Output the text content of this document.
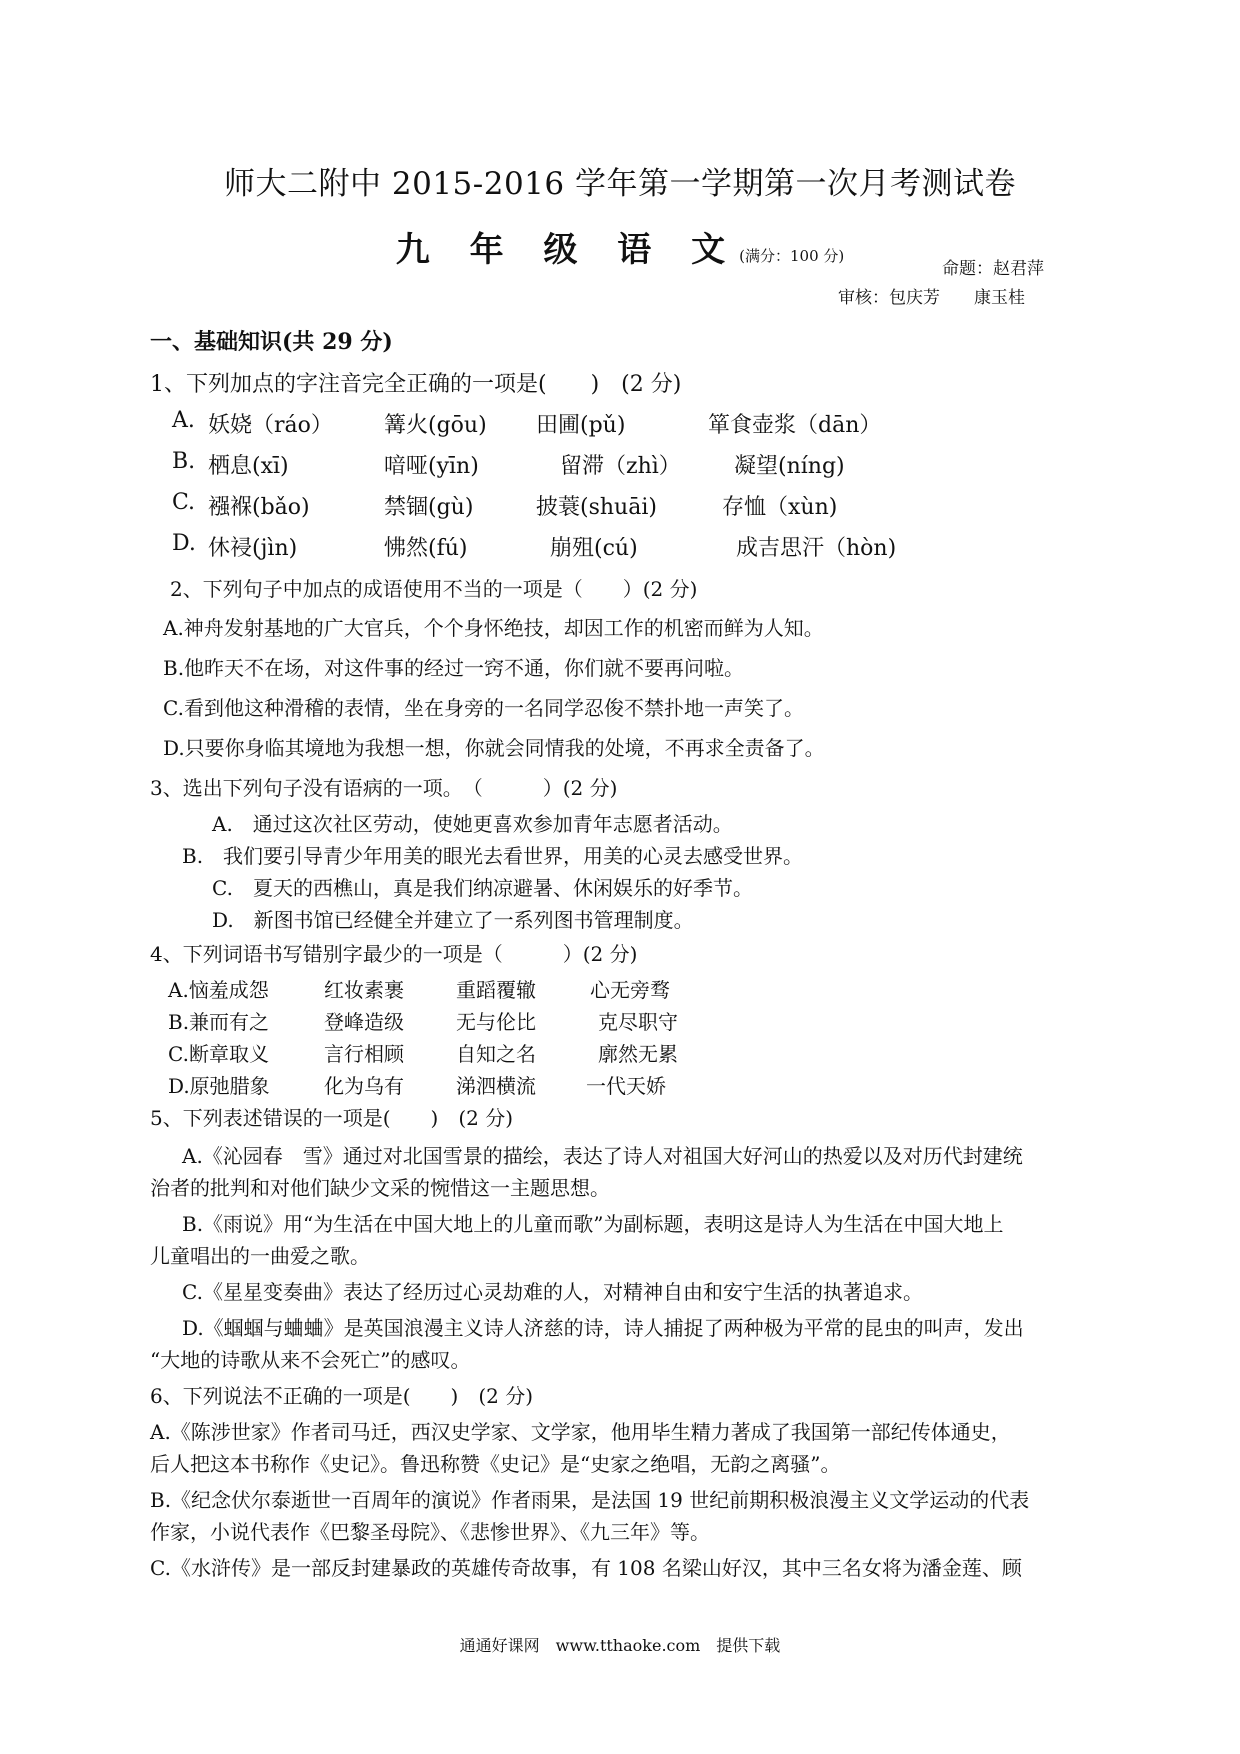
师大二附中 2015-2016 学年第一学期第一次月考测试卷
九 年 级 语 文(满分：100 分)
命题：赵君萍
审核：包庆芳　　康玉桂
一、基础知识(共 29 分)
1、下列加点的字注音完全正确的一项是(　　)　(2 分)
A. 妖娆（ráo） 篝火(gōu) 田圃(pǔ)	箪食壶浆（dān）
B. 栖息(xī)	喑哑(yīn)	留滞（zhì） 凝望(níng)
C. 襁褓(bǎo)	禁锢(gù)	披蓑(shuāi)	存恤（xùn)
D. 休祲(jìn)	怫然(fú)	崩殂(cú)	成吉思汗（hòn)
2、下列句子中加点的成语使用不当的一项是（　　）(2 分)
A.神舟发射基地的广大官兵，个个身怀绝技，却因工作的机密而鲜为人知。
B.他昨天不在场，对这件事的经过一窍不通，你们就不要再问啦。
C.看到他这种滑稽的表情，坐在身旁的一名同学忍俊不禁扑地一声笑了。
D.只要你身临其境地为我想一想，你就会同情我的处境，不再求全责备了。
3、选出下列句子没有语病的一项。　（　　　）(2 分)
A.　通过这次社区劳动，使她更喜欢参加青年志愿者活动。
B.　我们要引导青少年用美的眼光去看世界，用美的心灵去感受世界。
C.　夏天的西樵山，真是我们纳凉避暑、休闲娱乐的好季节。
D.　新图书馆已经健全并建立了一系列图书管理制度。
4、下列词语书写错别字最少的一项是（　　　）(2 分)
A.恼羞成怨	红妆素裹	重蹈覆辙	心无旁骛
B.兼而有之	登峰造级	无与伦比	克尽职守
C.断章取义	言行相顾	自知之名	廓然无累
D.原弛腊象	化为乌有	涕泗横流	一代天娇
5、下列表述错误的一项是(　　)　(2 分)
A.《沁园春　雪》通过对北国雪景的描绘，表达了诗人对祖国大好河山的热爱以及对历代封建统
治者的批判和对他们缺少文采的惋惜这一主题思想。
B.《雨说》用“为生活在中国大地上的儿童而歌”为副标题，表明这是诗人为生活在中国大地上
儿童唱出的一曲爱之歌。
C.《星星变奏曲》表达了经历过心灵劫难的人，对精神自由和安宁生活的执著追求。
D.《蝈蝈与蛐蛐》是英国浪漫主义诗人济慈的诗，诗人捕捉了两种极为平常的昆虫的叫声，发出
“大地的诗歌从来不会死亡”的感叹。
6、下列说法不正确的一项是(　　)　(2 分)
A.《陈涉世家》作者司马迁，西汉史学家、文学家，他用毕生精力著成了我国第一部纪传体通史，
后人把这本书称作《史记》。鲁迅称赞《史记》是“史家之绝唱，无韵之离骚”。
B.《纪念伏尔泰逝世一百周年的演说》作者雨果，是法国 19 世纪前期积极浪漫主义文学运动的代表
作家，小说代表作《巴黎圣母院》、《悲惨世界》、《九三年》等。
C.《水浒传》是一部反封建暴政的英雄传奇故事，有 108 名梁山好汉，其中三名女将为潘金莲、顾
通通好课网　www.tthaoke.com　提供下载
